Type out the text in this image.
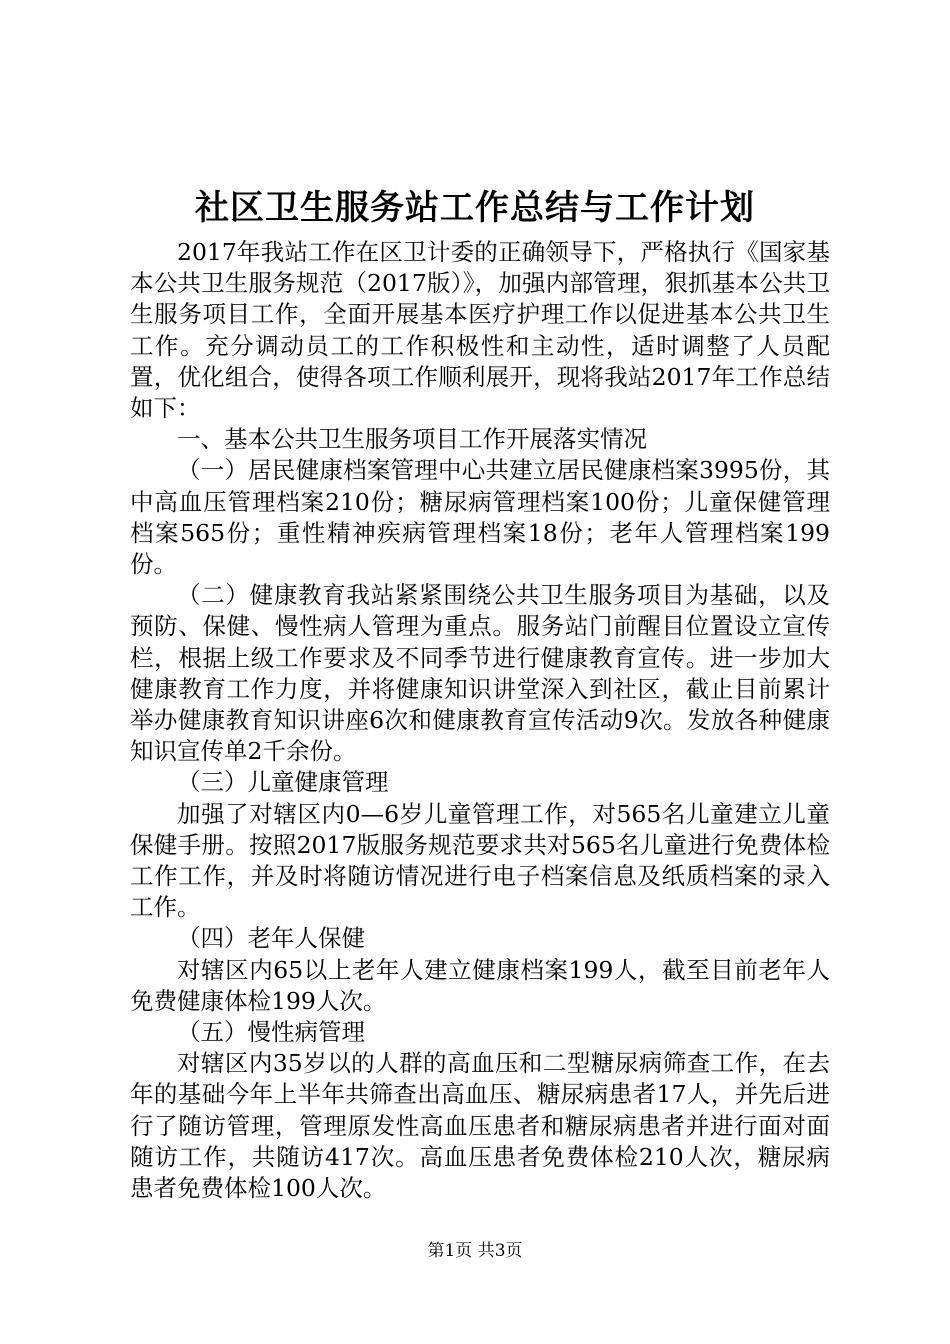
社区卫生服务站工作总结与工作计划

2017年我站工作在区卫计委的正确领导下，严格执行《国家基本公共卫生服务规范（2017版）》，加强内部管理，狠抓基本公共卫生服务项目工作，全面开展基本医疗护理工作以促进基本公共卫生工作。充分调动员工的工作积极性和主动性，适时调整了人员配置，优化组合，使得各项工作顺利展开，现将我站2017年工作总结如下：

一、基本公共卫生服务项目工作开展落实情况

（一）居民健康档案管理中心共建立居民健康档案3995份，其中高血压管理档案210份；糖尿病管理档案100份；儿童保健管理档案565份；重性精神疾病管理档案18份；老年人管理档案199份。

（二）健康教育我站紧紧围绕公共卫生服务项目为基础，以及预防、保健、慢性病人管理为重点。服务站门前醒目位置设立宣传栏，根据上级工作要求及不同季节进行健康教育宣传。进一步加大健康教育工作力度，并将健康知识讲堂深入到社区，截止目前累计举办健康教育知识讲座6次和健康教育宣传活动9次。发放各种健康知识宣传单2千余份。

（三）儿童健康管理

加强了对辖区内0—6岁儿童管理工作，对565名儿童建立儿童保健手册。按照2017版服务规范要求共对565名儿童进行免费体检工作工作，并及时将随访情况进行电子档案信息及纸质档案的录入工作。

（四）老年人保健

对辖区内65以上老年人建立健康档案199人，截至目前老年人免费健康体检199人次。

（五）慢性病管理

对辖区内35岁以的人群的高血压和二型糖尿病筛查工作，在去年的基础今年上半年共筛查出高血压、糖尿病患者17人，并先后进行了随访管理，管理原发性高血压患者和糖尿病患者并进行面对面随访工作，共随访417次。高血压患者免费体检210人次，糖尿病患者免费体检100人次。

第1页 共3页
